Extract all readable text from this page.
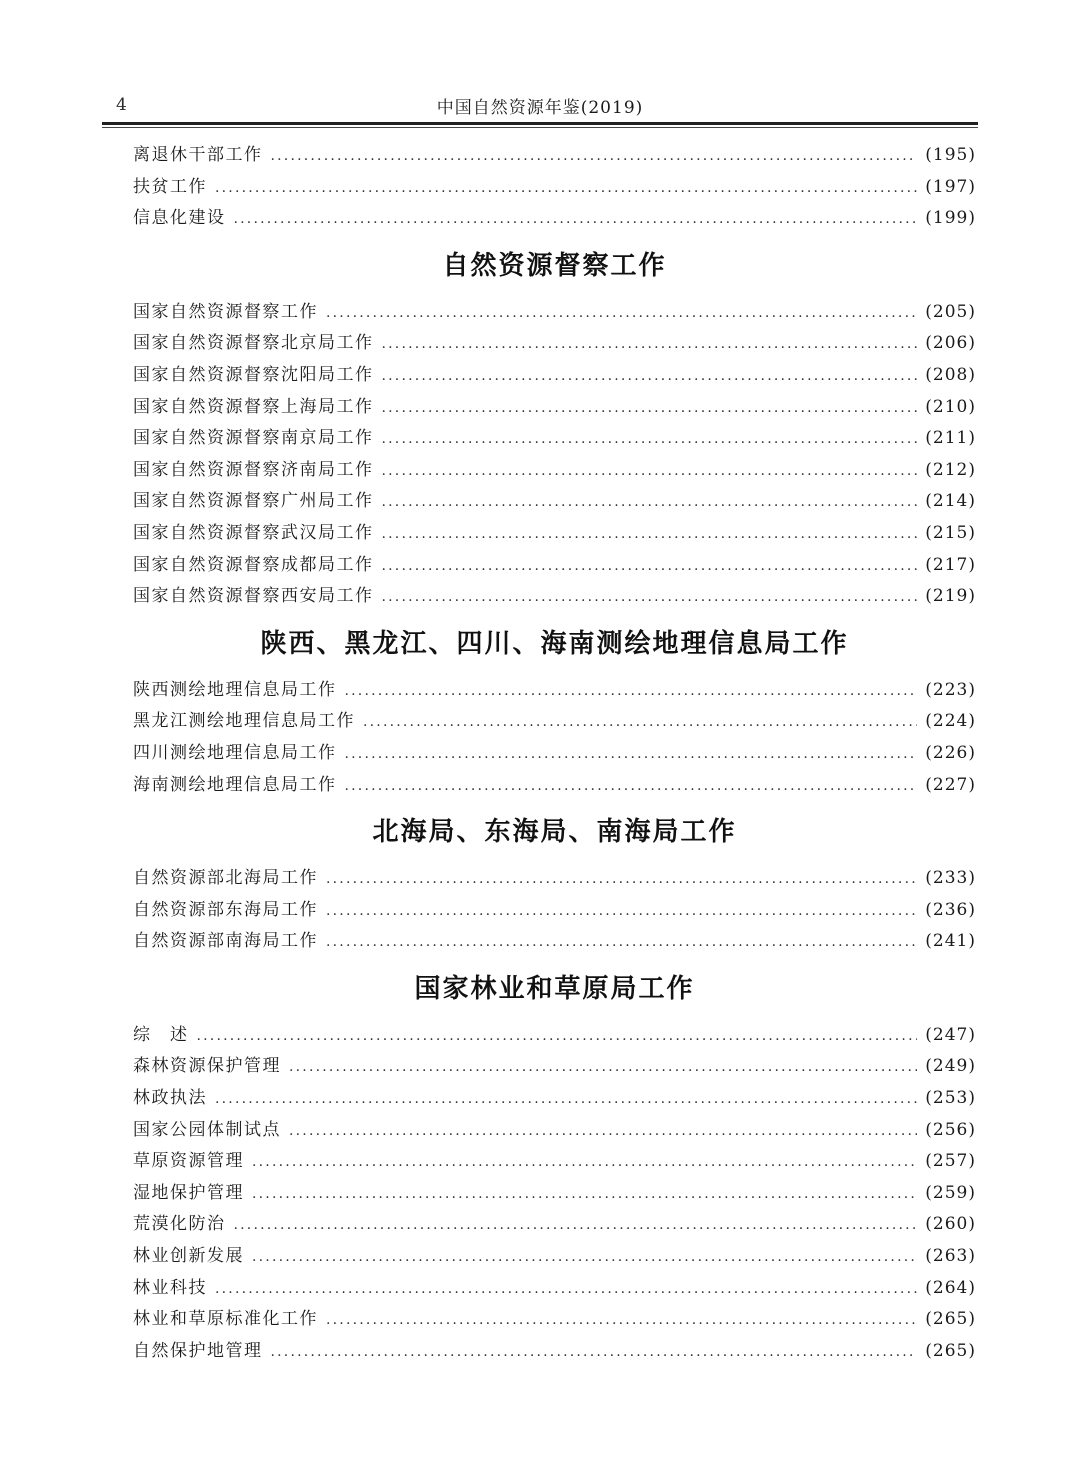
4	中国自然资源年鉴(2019)
离退休干部工作 .....	(195)
扶贫工作 .....	(197)
信息化建设 .....	(199)
自然资源督察工作
国家自然资源督察工作 .....	(205)
国家自然资源督察北京局工作 .....	(206)
国家自然资源督察沈阳局工作 .....	(208)
国家自然资源督察上海局工作 .....	(210)
国家自然资源督察南京局工作 .....	(211)
国家自然资源督察济南局工作 .....	(212)
国家自然资源督察广州局工作 .....	(214)
国家自然资源督察武汉局工作 .....	(215)
国家自然资源督察成都局工作 .....	(217)
国家自然资源督察西安局工作 .....	(219)
陕西、黑龙江、四川、海南测绘地理信息局工作
陕西测绘地理信息局工作 .....	(223)
黑龙江测绘地理信息局工作 .....	(224)
四川测绘地理信息局工作 .....	(226)
海南测绘地理信息局工作 .....	(227)
北海局、东海局、南海局工作
自然资源部北海局工作 .....	(233)
自然资源部东海局工作 .....	(236)
自然资源部南海局工作 .....	(241)
国家林业和草原局工作
综　述 .....	(247)
森林资源保护管理 .....	(249)
林政执法 .....	(253)
国家公园体制试点 .....	(256)
草原资源管理 .....	(257)
湿地保护管理 .....	(259)
荒漠化防治 .....	(260)
林业创新发展 .....	(263)
林业科技 .....	(264)
林业和草原标准化工作 .....	(265)
自然保护地管理 .....	(265)
